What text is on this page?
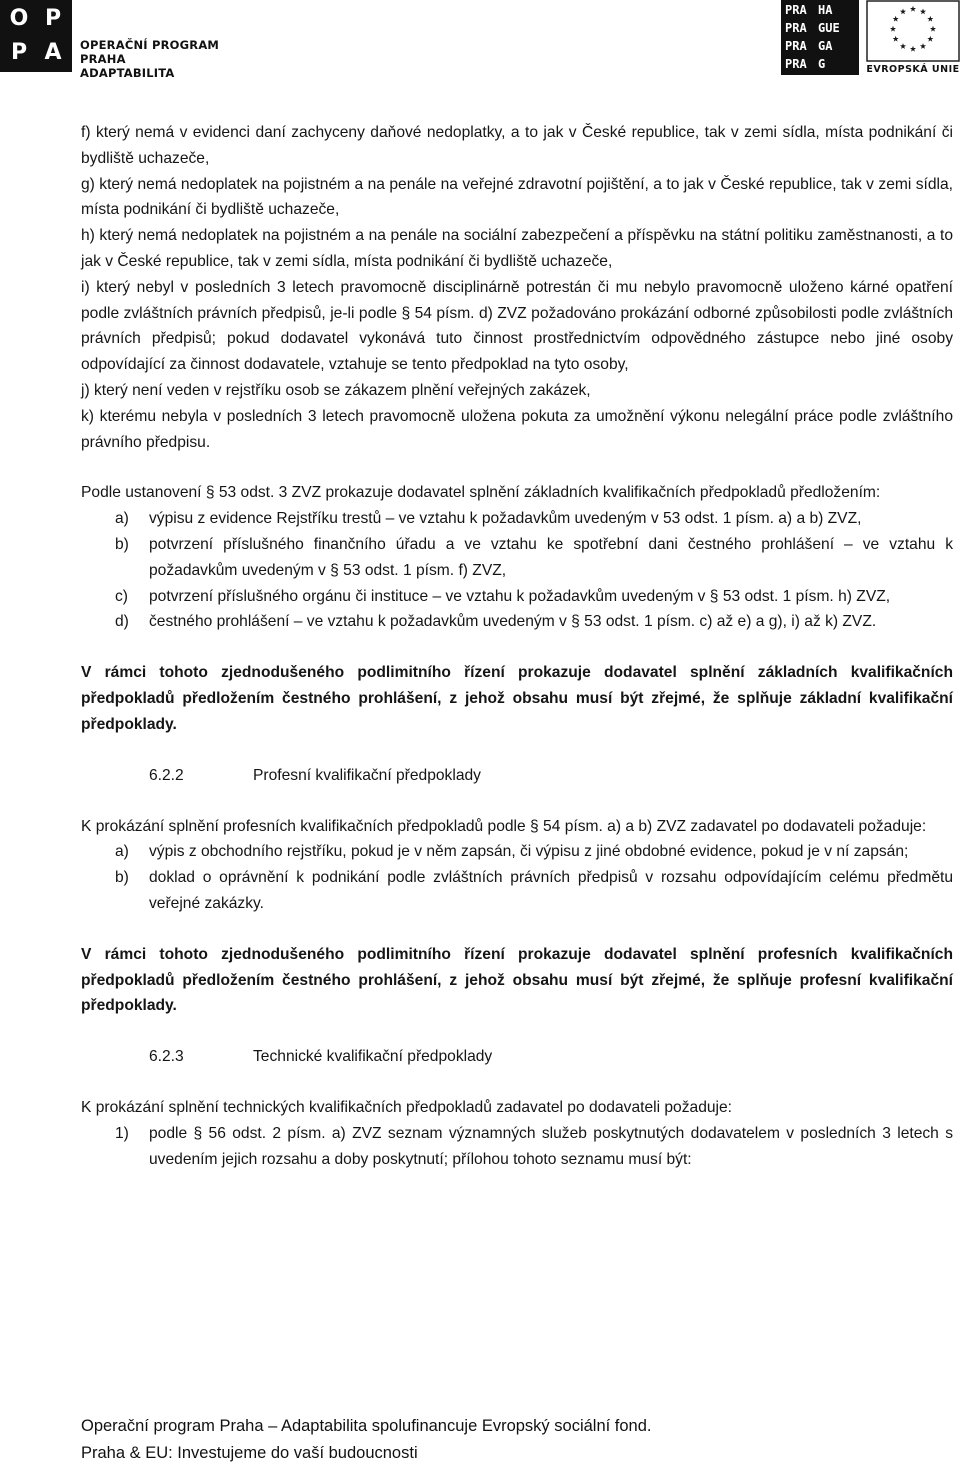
O P
P A	OPERAČNÍ PROGRAM PRAHA
ADAPTABILITA
PRA HA
PRA GUE
PRA GA
PRA G	EVROPSKÁ UNIE

f) který nemá v evidenci daní zachyceny daňové nedoplatky, a to jak v České republice, tak v zemi sídla, místa podnikání či bydliště uchazeče,

g) který nemá nedoplatek na pojistném a na penále na veřejné zdravotní pojištění, a to jak v České republice, tak v zemi sídla, místa podnikání či bydliště uchazeče,

h) který nemá nedoplatek na pojistném a na penále na sociální zabezpečení a příspěvku na státní politiku zaměstnanosti, a to jak v České republice, tak v zemi sídla, místa podnikání či bydliště uchazeče,

i) který nebyl v posledních 3 letech pravomocně disciplinárně potrestán či mu nebylo pravomocně uloženo kárné opatření podle zvláštních právních předpisů, je-li podle § 54 písm. d) ZVZ požadováno prokázání odborné způsobilosti podle zvláštních právních předpisů; pokud dodavatel vykonává tuto činnost prostřednictvím odpovědného zástupce nebo jiné osoby odpovídající za činnost dodavatele, vztahuje se tento předpoklad na tyto osoby,

j) který není veden v rejstříku osob se zákazem plnění veřejných zakázek,

k) kterému nebyla v posledních 3 letech pravomocně uložena pokuta za umožnění výkonu nelegální práce podle zvláštního právního předpisu.

Podle ustanovení § 53 odst. 3 ZVZ prokazuje dodavatel splnění základních kvalifikačních předpokladů předložením:

a) výpisu z evidence Rejstříku trestů – ve vztahu k požadavkům uvedeným v 53 odst. 1 písm. a) a b) ZVZ,
b) potvrzení příslušného finančního úřadu a ve vztahu ke spotřební dani čestného prohlášení – ve vztahu k požadavkům uvedeným v § 53 odst. 1 písm. f) ZVZ,
c) potvrzení příslušného orgánu či instituce – ve vztahu k požadavkům uvedeným v § 53 odst. 1 písm. h) ZVZ,
d) čestného prohlášení – ve vztahu k požadavkům uvedeným v § 53 odst. 1 písm. c) až e) a g), i) až k) ZVZ.

V rámci tohoto zjednodušeného podlimitního řízení prokazuje dodavatel splnění základních kvalifikačních předpokladů předložením čestného prohlášení, z jehož obsahu musí být zřejmé, že splňuje základní kvalifikační předpoklady.

6.2.2	Profesní kvalifikační předpoklady

K prokázání splnění profesních kvalifikačních předpokladů podle § 54 písm. a) a b) ZVZ zadavatel po dodavateli požaduje:

a) výpis z obchodního rejstříku, pokud je v něm zapsán, či výpisu z jiné obdobné evidence, pokud je v ní zapsán;
b) doklad o oprávnění k podnikání podle zvláštních právních předpisů v rozsahu odpovídajícím celému předmětu veřejné zakázky.

V rámci tohoto zjednodušeného podlimitního řízení prokazuje dodavatel splnění profesních kvalifikačních předpokladů předložením čestného prohlášení, z jehož obsahu musí být zřejmé, že splňuje profesní kvalifikační předpoklady.

6.2.3	Technické kvalifikační předpoklady

K prokázání splnění technických kvalifikačních předpokladů zadavatel po dodavateli požaduje:

1) podle § 56 odst. 2 písm. a) ZVZ seznam významných služeb poskytnutých dodavatelem v posledních 3 letech s uvedením jejich rozsahu a doby poskytnutí; přílohou tohoto seznamu musí být:
Operační program Praha – Adaptabilita spolufinancuje Evropský sociální fond.
Praha & EU: Investujeme do vaší budoucnosti
